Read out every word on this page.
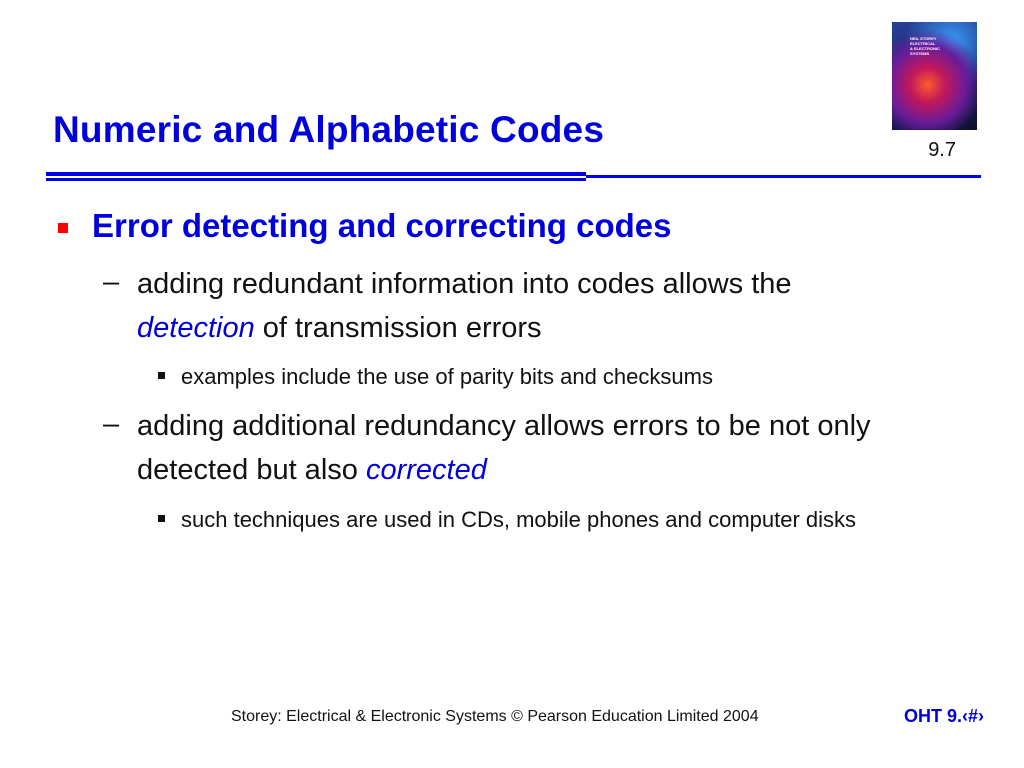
NEIL STOREY
ELECTRICAL
& ELECTRONIC
SYSTEMS
9.7
Numeric and Alphabetic Codes
Error detecting and correcting codes
– adding redundant information into codes allows the
detection of transmission errors
examples include the use of parity bits and checksums
– adding additional redundancy allows errors to be not only detected but also corrected
such techniques are used in CDs, mobile phones and computer disks
Storey: Electrical & Electronic Systems © Pearson Education Limited 2004	OHT 9.‹#›
